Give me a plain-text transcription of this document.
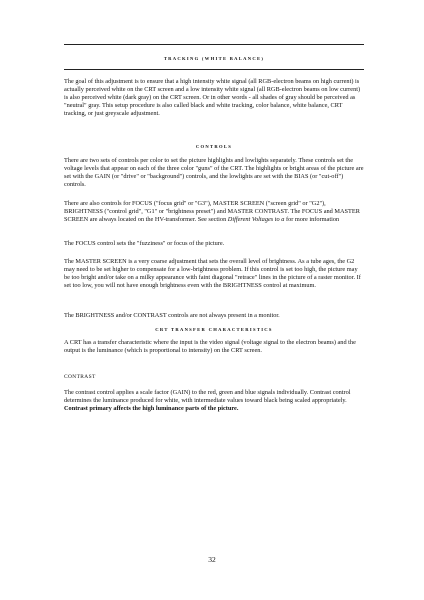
TRACKING (WHITE BALANCE)

The goal of this adjustment is to ensure that a high intensity white signal (all RGB-electron beams on high current) is actually perceived white on the CRT screen and a low intensity white signal (all RGB-electron beams on low current) is also perceived white (dark gray) on the CRT screen. Or in other words - all shades of gray should be perceived as "neutral" gray. This setup procedure is also called black and white tracking, color balance, white balance, CRT tracking, or just greyscale adjustment.

CONTROLS

There are two sets of controls per color to set the picture highlights and lowlights separately. These controls set the voltage levels that appear on each of the three color "guns" of the CRT. The highlights or bright areas of the picture are set with the GAIN (or "drive" or "background") controls, and the lowlights are set with the BIAS (or "cut-off") controls.

There are also controls for FOCUS ("focus grid" or "G3"), MASTER SCREEN ("screen grid" or "G2"), BRIGHTNESS ("control grid", "G1" or "brightness preset") and MASTER CONTRAST. The FOCUS and MASTER SCREEN are always located on the HV-transformer. See section Different Voltages to a for more information

The FOCUS control sets the "fuzziness" or focus of the picture.

The MASTER SCREEN is a very coarse adjustment that sets the overall level of brightness. As a tube ages, the G2 may need to be set higher to compensate for a low-brightness problem. If this control is set too high, the picture may be too bright and/or take on a milky appearance with faint diagonal "retrace" lines in the picture of a raster monitor. If set too low, you will not have enough brightness even with the BRIGHTNESS control at maximum.

The BRIGHTNESS and/or CONTRAST controls are not always present in a monitor.

CRT TRANSFER CHARACTERISTICS

A CRT has a transfer characteristic where the input is the video signal (voltage signal to the electron beams) and the output is the luminance (which is proportional to intensity) on the CRT screen.

CONTRAST

The contrast control applies a scale factor (GAIN) to the red, green and blue signals individually. Contrast control determines the luminance produced for white, with intermediate values toward black being scaled appropriately. Contrast primary affects the high luminance parts of the picture.

32
